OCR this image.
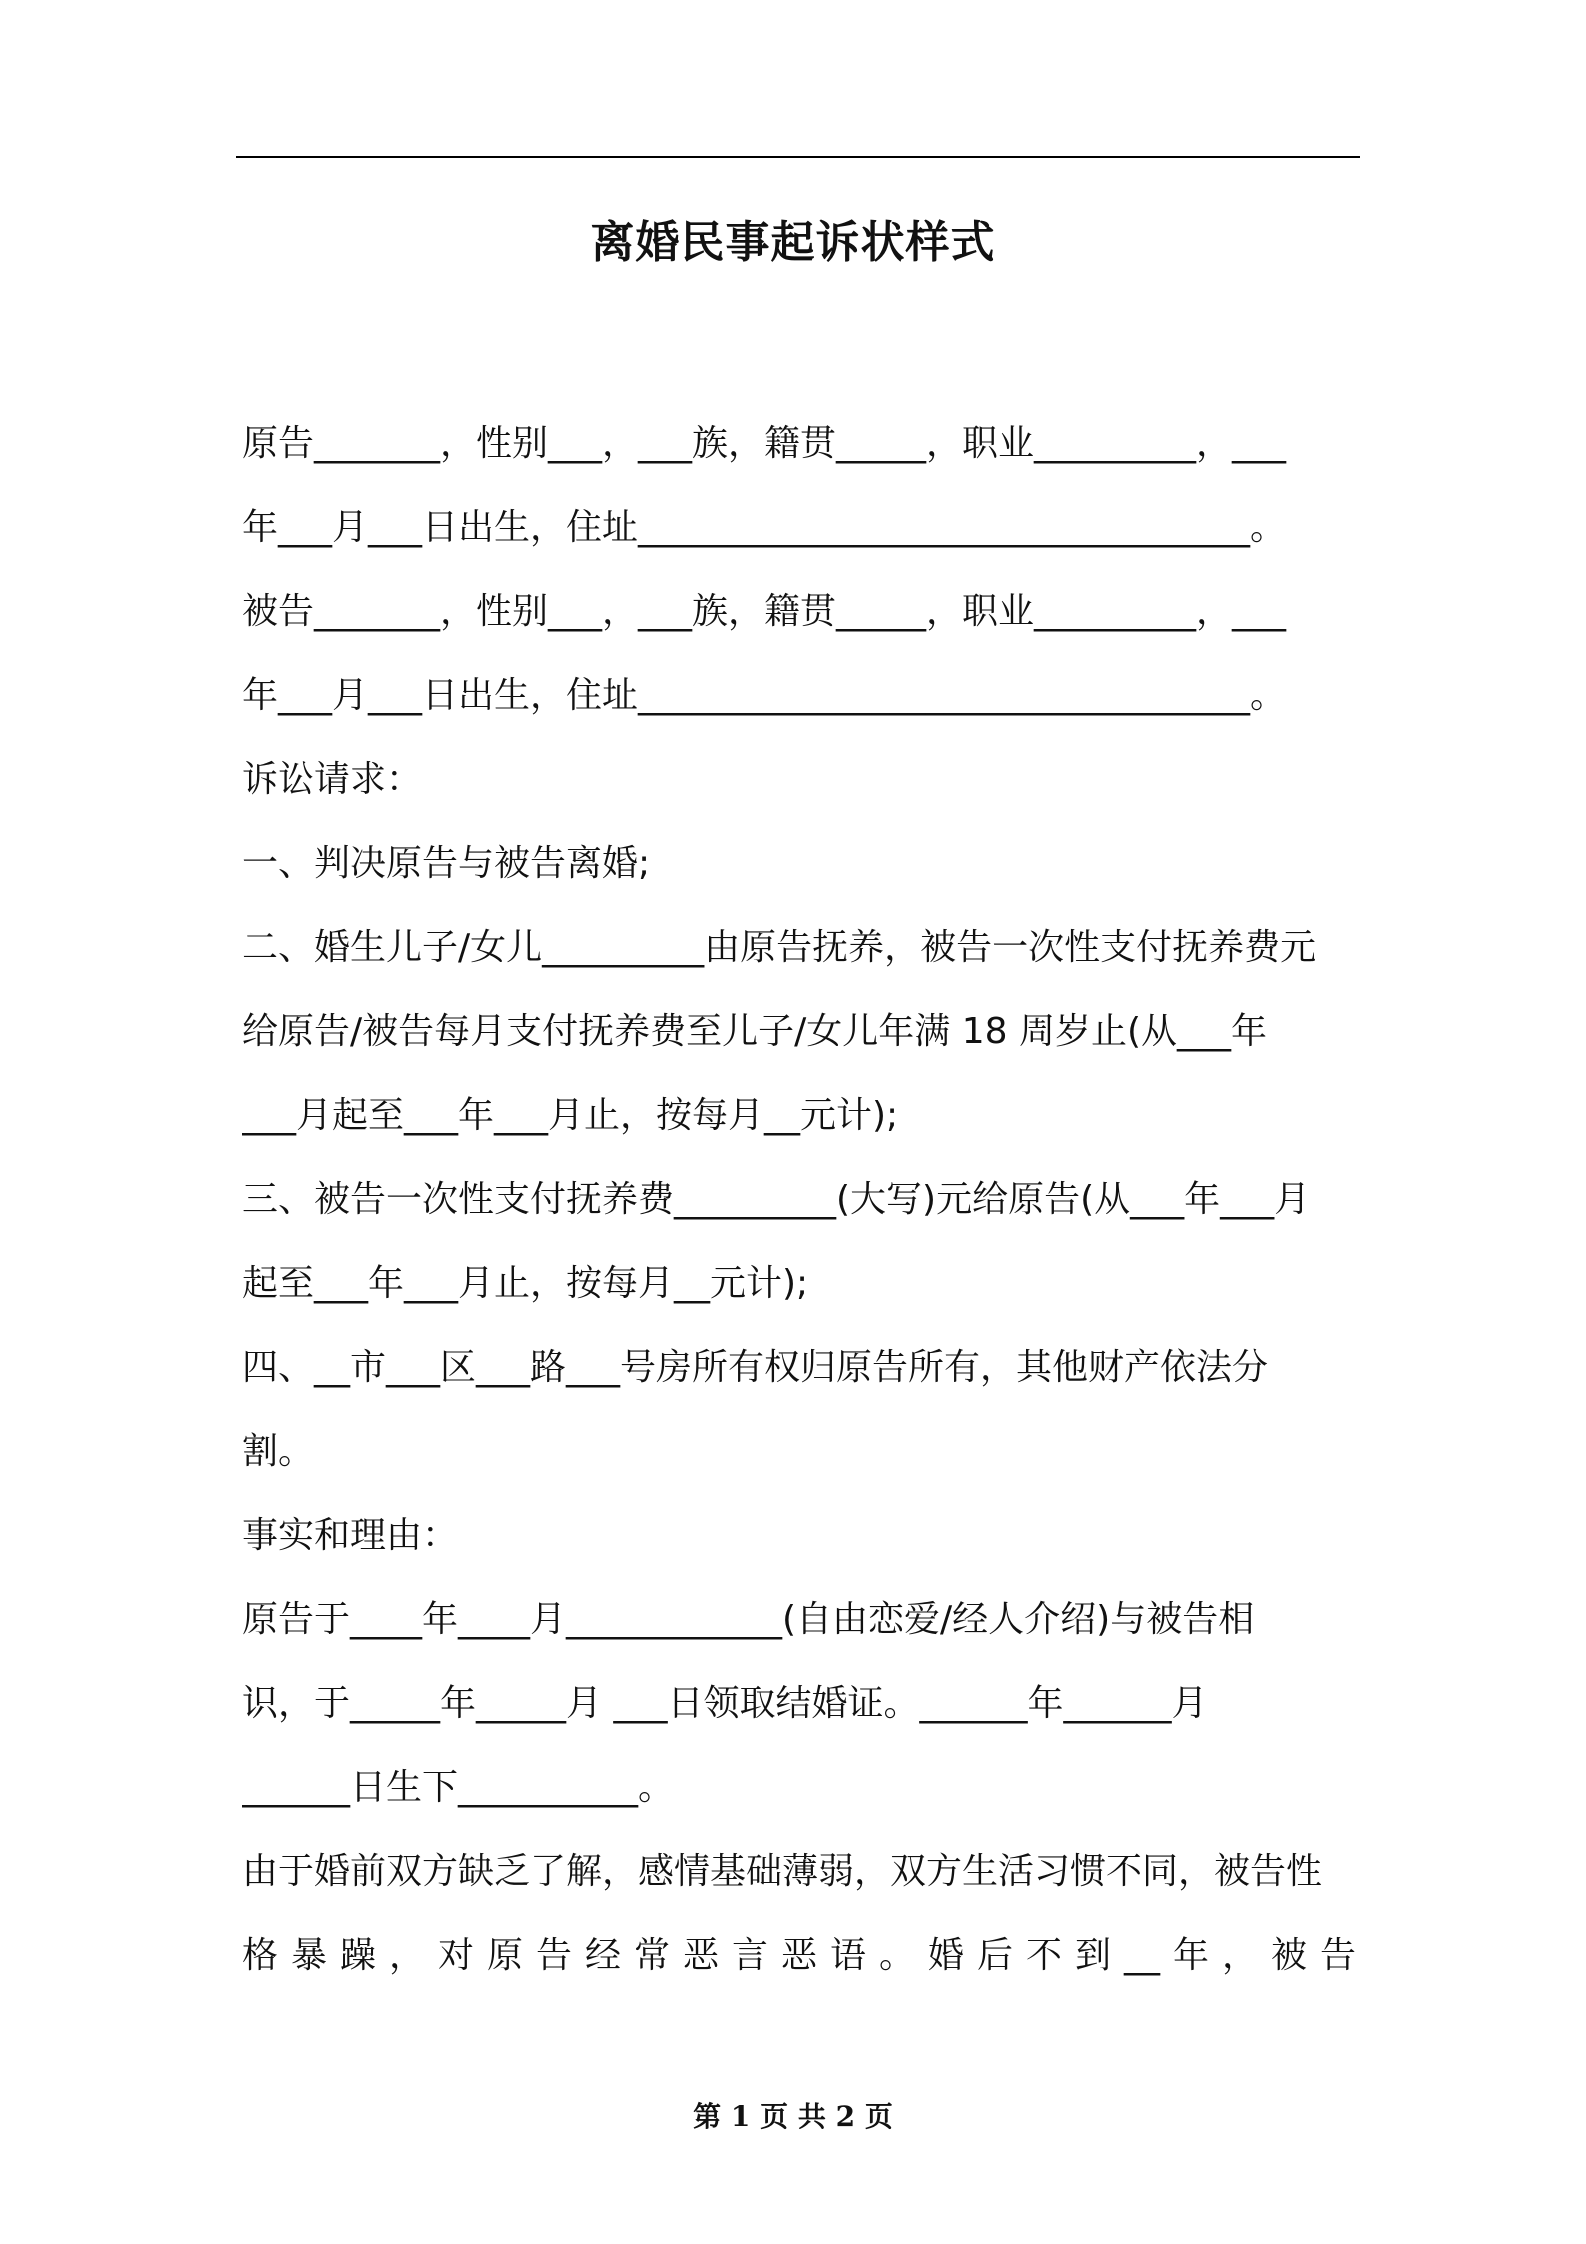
离婚民事起诉状样式
原告_______，性别___，___族，籍贯_____，职业_________，___
年___月___日出生，住址__________________________________。
被告_______，性别___，___族，籍贯_____，职业_________，___
年___月___日出生，住址__________________________________。
诉讼请求：
一、判决原告与被告离婚;
二、婚生儿子/女儿_________由原告抚养，被告一次性支付抚养费元
给原告/被告每月支付抚养费至儿子/女儿年满 18 周岁止(从___年
___月起至___年___月止，按每月__元计);
三、被告一次性支付抚养费_________(大写)元给原告(从___年___月
起至___年___月止，按每月__元计);
四、__市___区___路___号房所有权归原告所有，其他财产依法分
割。
事实和理由：
原告于____年____月____________(自由恋爱/经人介绍)与被告相
识，于_____年_____月 ___日领取结婚证。______年______月
______日生下__________。
由于婚前双方缺乏了解，感情基础薄弱，双方生活习惯不同，被告性
格暴躁，对原告经常恶言恶语。婚后不到__年，被告
第 1 页 共 2 页
